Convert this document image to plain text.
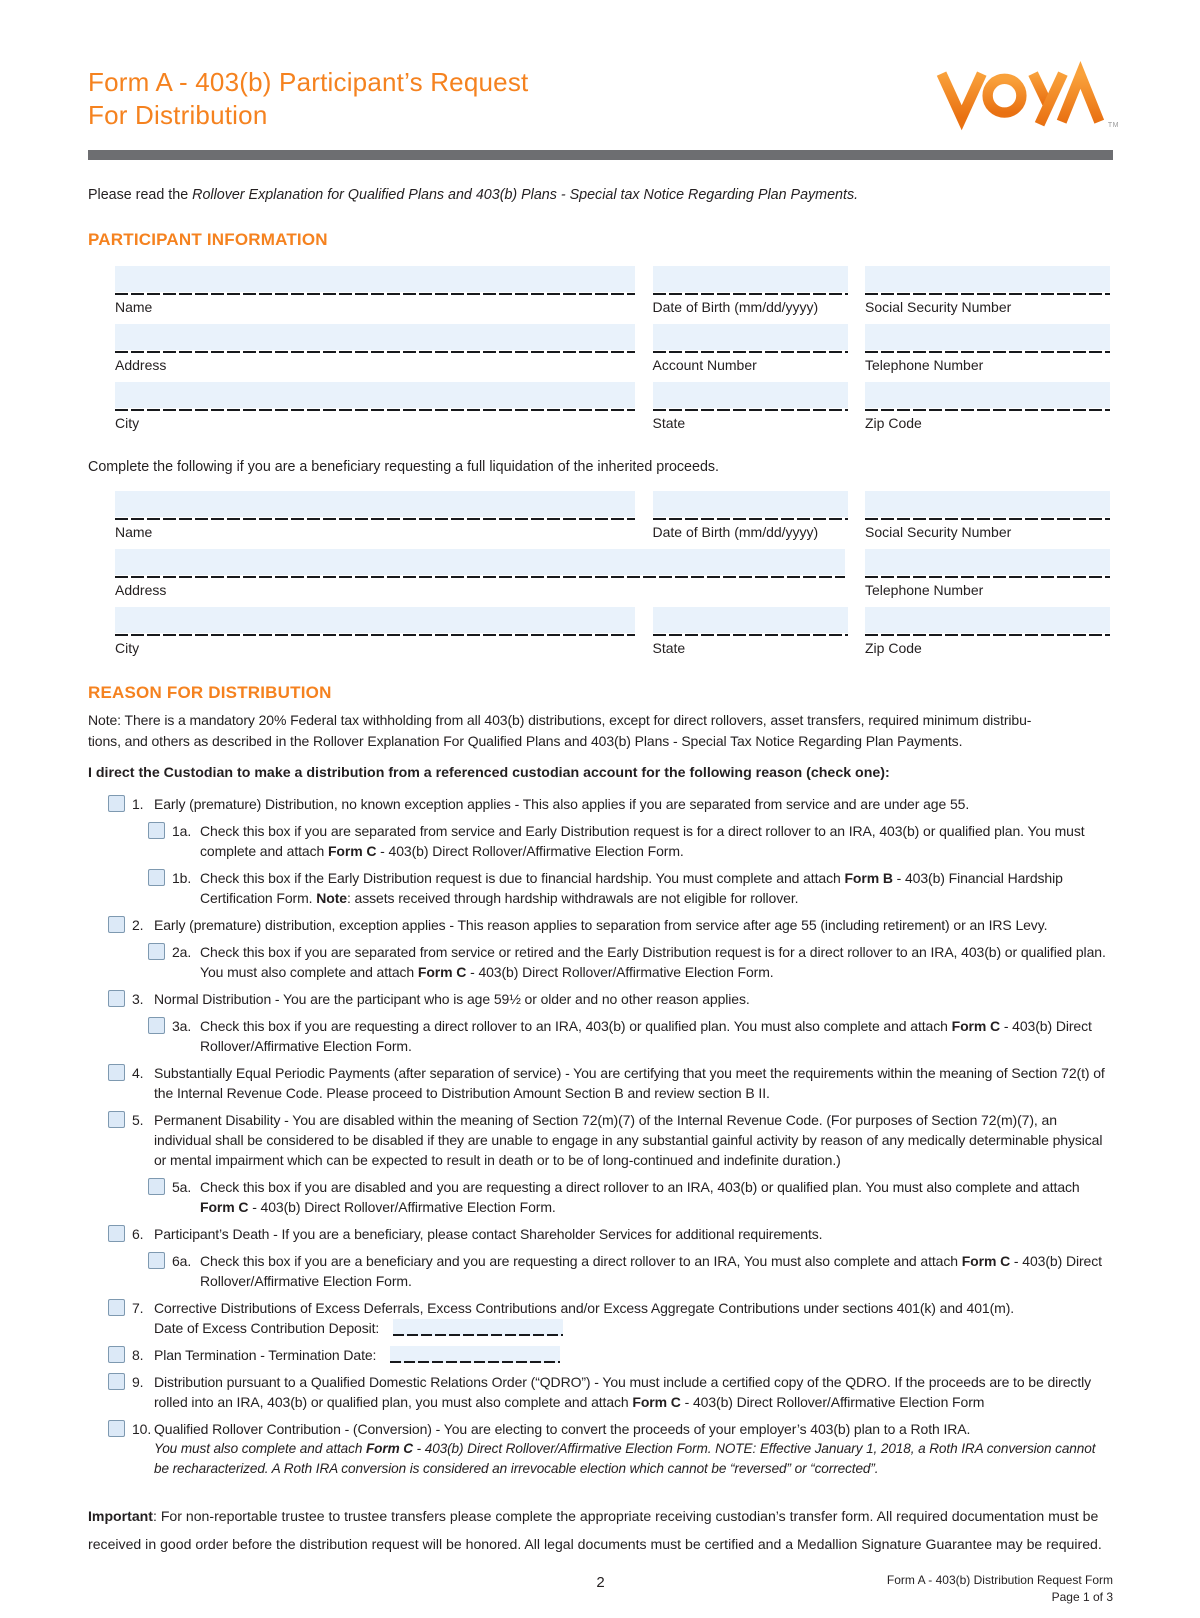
Form A - 403(b) Participant’s Request
For Distribution	TM

Please read the Rollover Explanation for Qualified Plans and 403(b) Plans - Special tax Notice Regarding Plan Payments.

PARTICIPANT INFORMATION
Name	Date of Birth (mm/dd/yyyy)	Social Security Number
Address	Account Number	Telephone Number
City	State	Zip Code

Complete the following if you are a beneficiary requesting a full liquidation of the inherited proceeds.

Name	Date of Birth (mm/dd/yyyy)	Social Security Number
Address	Telephone Number
City	State	Zip Code
REASON FOR DISTRIBUTION

Note: There is a mandatory 20% Federal tax withholding from all 403(b) distributions, except for direct rollovers, asset transfers, required minimum distribu-
tions, and others as described in the Rollover Explanation For Qualified Plans and 403(b) Plans - Special Tax Notice Regarding Plan Payments.

I direct the Custodian to make a distribution from a referenced custodian account for the following reason (check one):

1. Early (premature) Distribution, no known exception applies - This also applies if you are separated from service and are under age 55.
1a. Check this box if you are separated from service and Early Distribution request is for a direct rollover to an IRA, 403(b) or qualified plan. You must complete and attach Form C - 403(b) Direct Rollover/Affirmative Election Form.
1b. Check this box if the Early Distribution request is due to financial hardship. You must complete and attach Form B - 403(b) Financial Hardship Certification Form. Note: assets received through hardship withdrawals are not eligible for rollover.
2. Early (premature) distribution, exception applies - This reason applies to separation from service after age 55 (including retirement) or an IRS Levy.
2a. Check this box if you are separated from service or retired and the Early Distribution request is for a direct rollover to an IRA, 403(b) or qualified plan. You must also complete and attach Form C - 403(b) Direct Rollover/Affirmative Election Form.
3. Normal Distribution - You are the participant who is age 59½ or older and no other reason applies.
3a. Check this box if you are requesting a direct rollover to an IRA, 403(b) or qualified plan. You must also complete and attach Form C - 403(b) Direct Rollover/Affirmative Election Form.
4. Substantially Equal Periodic Payments (after separation of service) - You are certifying that you meet the requirements within the meaning of Section 72(t) of the Internal Revenue Code. Please proceed to Distribution Amount Section B and review section B II.
5. Permanent Disability - You are disabled within the meaning of Section 72(m)(7) of the Internal Revenue Code. (For purposes of Section 72(m)(7), an individual shall be considered to be disabled if they are unable to engage in any substantial gainful activity by reason of any medically determinable physical or mental impairment which can be expected to result in death or to be of long-continued and indefinite duration.)
5a. Check this box if you are disabled and you are requesting a direct rollover to an IRA, 403(b) or qualified plan. You must also complete and attach Form C - 403(b) Direct Rollover/Affirmative Election Form.
6. Participant’s Death - If you are a beneficiary, please contact Shareholder Services for additional requirements.
6a. Check this box if you are a beneficiary and you are requesting a direct rollover to an IRA, You must also complete and attach Form C - 403(b) Direct Rollover/Affirmative Election Form.
7. Corrective Distributions of Excess Deferrals, Excess Contributions and/or Excess Aggregate Contributions under sections 401(k) and 401(m).
Date of Excess Contribution Deposit:
8. Plan Termination - Termination Date:
9. Distribution pursuant to a Qualified Domestic Relations Order (“QDRO”) - You must include a certified copy of the QDRO. If the proceeds are to be directly rolled into an IRA, 403(b) or qualified plan, you must also complete and attach Form C - 403(b) Direct Rollover/Affirmative Election Form
10. Qualified Rollover Contribution - (Conversion) - You are electing to convert the proceeds of your employer’s 403(b) plan to a Roth IRA.
You must also complete and attach Form C - 403(b) Direct Rollover/Affirmative Election Form. NOTE: Effective January 1, 2018, a Roth IRA conversion cannot be recharacterized. A Roth IRA conversion is considered an irrevocable election which cannot be “reversed” or “corrected”.

Important: For non-reportable trustee to trustee transfers please complete the appropriate receiving custodian’s transfer form. All required documentation must be received in good order before the distribution request will be honored. All legal documents must be certified and a Medallion Signature Guarantee may be required.

2	Form A - 403(b) Distribution Request Form
Page 1 of 3
